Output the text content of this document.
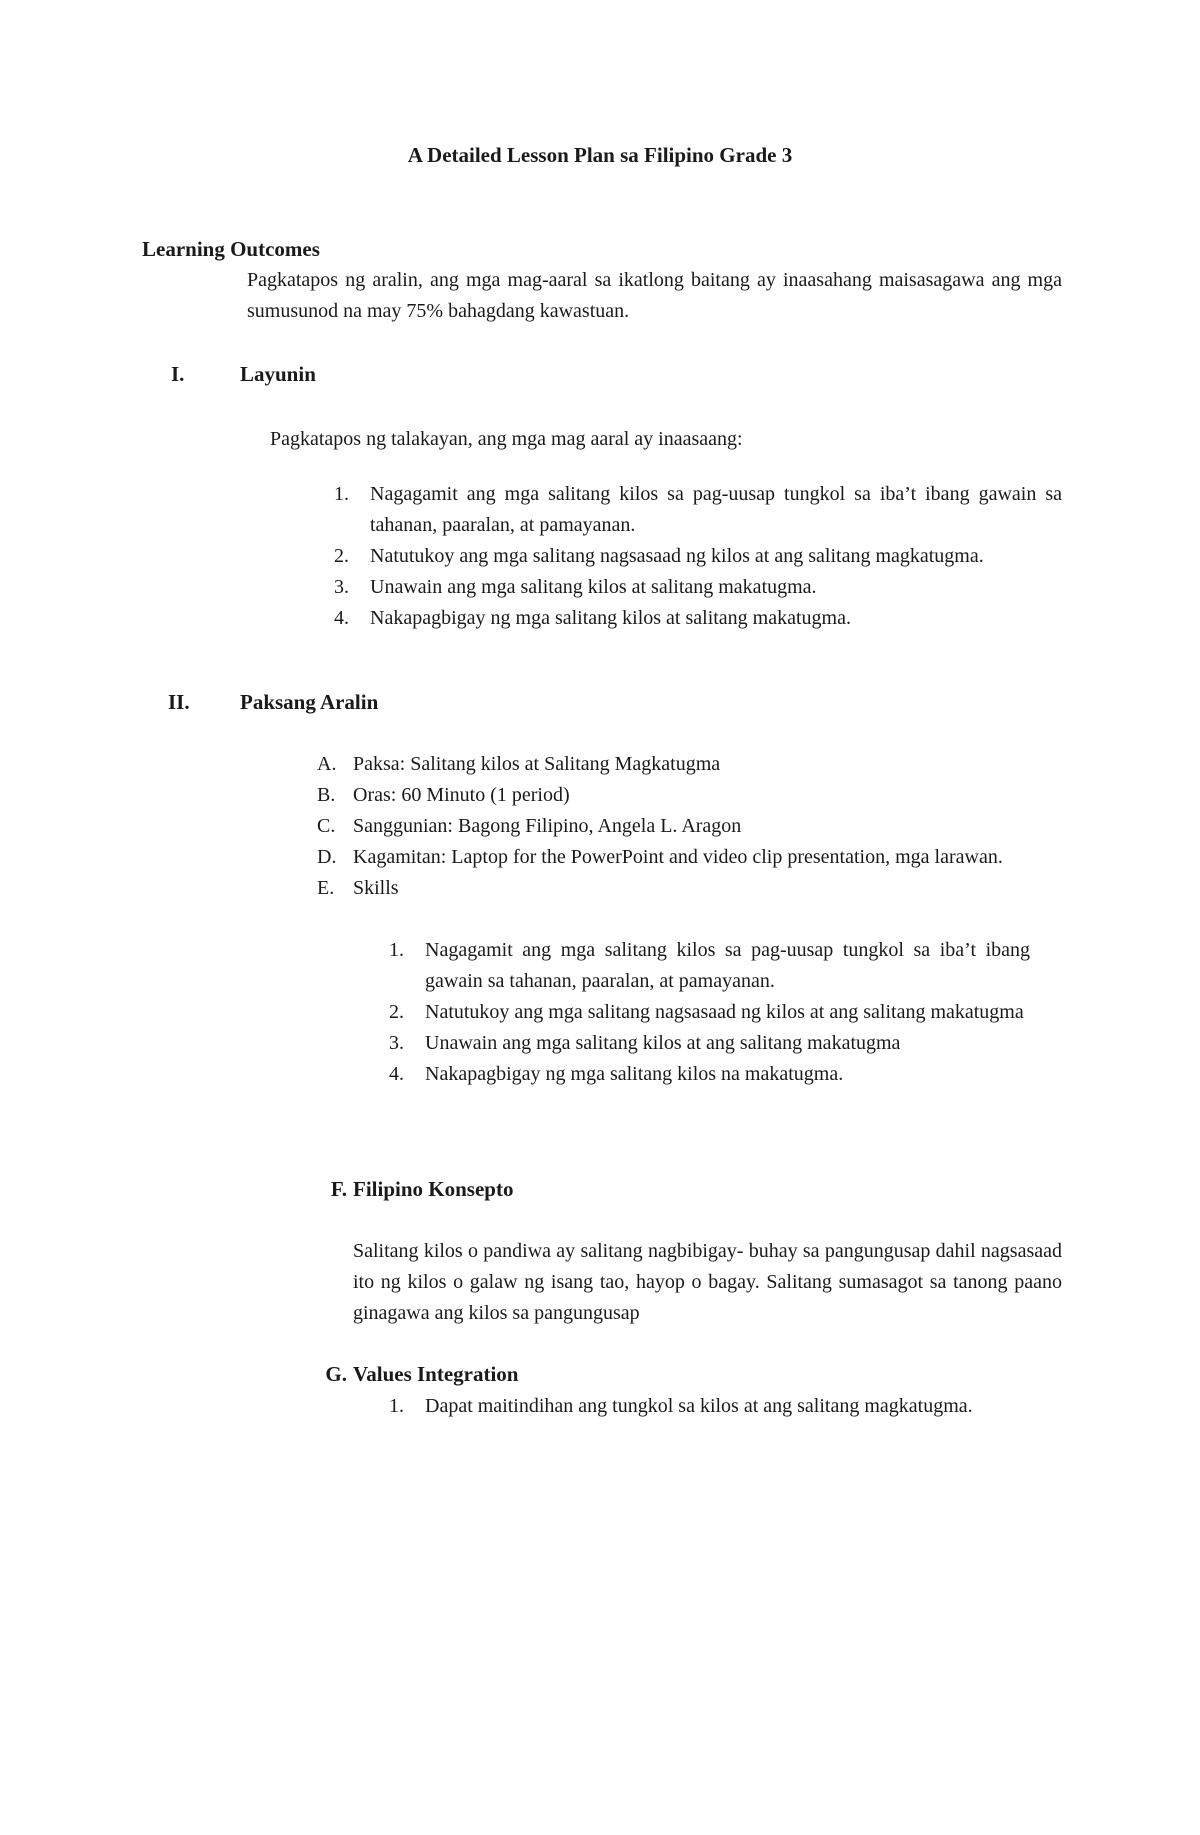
A Detailed Lesson Plan sa Filipino Grade 3
Learning Outcomes
Pagkatapos ng aralin, ang mga mag-aaral sa ikatlong baitang ay inaasahang maisasagawa ang mga sumusunod na may 75% bahagdang kawastuan.
I.	Layunin
Pagkatapos ng talakayan, ang mga mag aaral ay inaasaang:
1.	Nagagamit ang mga salitang kilos sa pag-uusap tungkol sa iba’t ibang gawain sa tahanan, paaralan, at pamayanan.
2.	Natutukoy ang mga salitang nagsasaad ng kilos at ang salitang magkatugma.
3.	Unawain ang mga salitang kilos at salitang makatugma.
4.	Nakapagbigay ng mga salitang kilos at salitang makatugma.
II. Paksang Aralin
A. Paksa: Salitang kilos at Salitang Magkatugma
B. Oras: 60 Minuto (1 period)
C. Sanggunian: Bagong Filipino, Angela L. Aragon
D. Kagamitan: Laptop for the PowerPoint and video clip presentation, mga larawan.
E. Skills
1.	Nagagamit ang mga salitang kilos sa pag-uusap tungkol sa iba’t ibang gawain sa tahanan, paaralan, at pamayanan.
2.	Natutukoy ang mga salitang nagsasaad ng kilos at ang salitang makatugma
3.	Unawain ang mga salitang kilos at ang salitang makatugma
4.	Nakapagbigay ng mga salitang kilos na makatugma.
F. Filipino Konsepto
Salitang kilos o pandiwa ay salitang nagbibigay- buhay sa pangungusap dahil nagsasaad ito ng kilos o galaw ng isang tao, hayop o bagay. Salitang sumasagot sa tanong paano ginagawa ang kilos sa pangungusap
G. Values Integration
1.	Dapat maitindihan ang tungkol sa kilos at ang salitang magkatugma.
